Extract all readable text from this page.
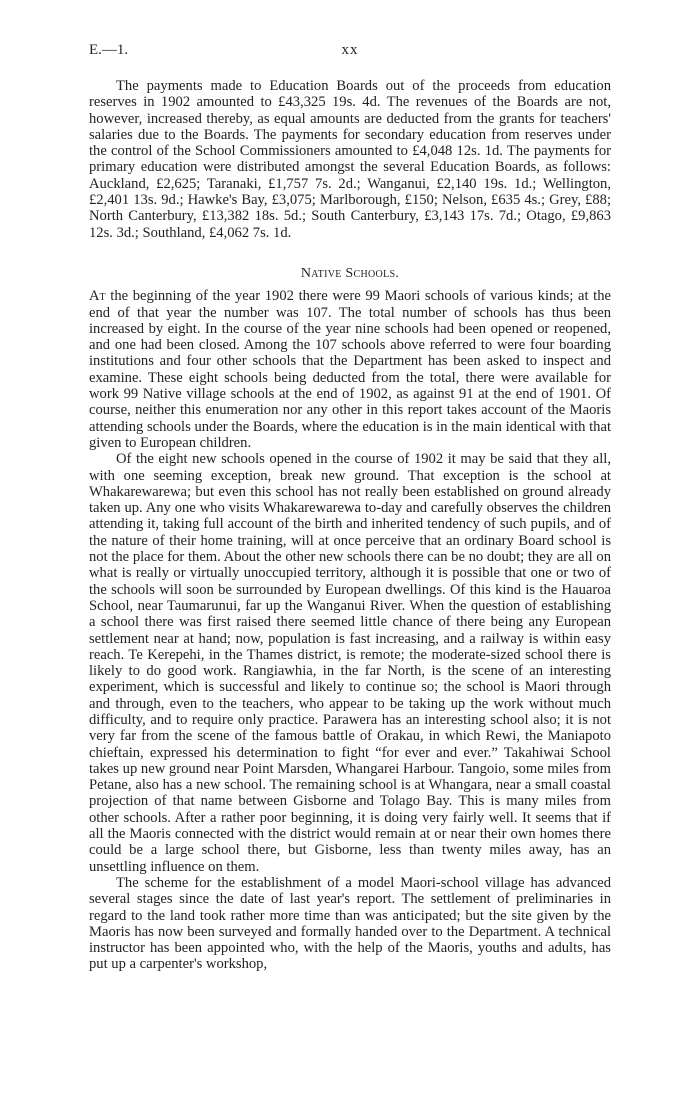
E.—1.	xx

The payments made to Education Boards out of the proceeds from education reserves in 1902 amounted to £43,325 19s. 4d. The revenues of the Boards are not, however, increased thereby, as equal amounts are deducted from the grants for teachers' salaries due to the Boards. The payments for secondary education from reserves under the control of the School Commissioners amounted to £4,048 12s. 1d. The payments for primary education were distributed amongst the several Education Boards, as follows: Auckland, £2,625; Taranaki, £1,757 7s. 2d.; Wanganui, £2,140 19s. 1d.; Wellington, £2,401 13s. 9d.; Hawke's Bay, £3,075; Marlborough, £150; Nelson, £635 4s.; Grey, £88; North Canterbury, £13,382 18s. 5d.; South Canterbury, £3,143 17s. 7d.; Otago, £9,863 12s. 3d.; Southland, £4,062 7s. 1d.

Native Schools.

At the beginning of the year 1902 there were 99 Maori schools of various kinds; at the end of that year the number was 107. The total number of schools has thus been increased by eight. In the course of the year nine schools had been opened or reopened, and one had been closed. Among the 107 schools above referred to were four boarding institutions and four other schools that the Department has been asked to inspect and examine. These eight schools being deducted from the total, there were available for work 99 Native village schools at the end of 1902, as against 91 at the end of 1901. Of course, neither this enumeration nor any other in this report takes account of the Maoris attending schools under the Boards, where the education is in the main identical with that given to European children.

Of the eight new schools opened in the course of 1902 it may be said that they all, with one seeming exception, break new ground. That exception is the school at Whakarewarewa; but even this school has not really been established on ground already taken up. Any one who visits Whakarewarewa to-day and carefully observes the children attending it, taking full account of the birth and inherited tendency of such pupils, and of the nature of their home training, will at once perceive that an ordinary Board school is not the place for them. About the other new schools there can be no doubt; they are all on what is really or virtually unoccupied territory, although it is possible that one or two of the schools will soon be surrounded by European dwellings. Of this kind is the Hauaroa School, near Taumarunui, far up the Wanganui River. When the question of establishing a school there was first raised there seemed little chance of there being any European settlement near at hand; now, population is fast increasing, and a railway is within easy reach. Te Kerepehi, in the Thames district, is remote; the moderate-sized school there is likely to do good work. Rangiawhia, in the far North, is the scene of an interesting experiment, which is successful and likely to continue so; the school is Maori through and through, even to the teachers, who appear to be taking up the work without much difficulty, and to require only practice. Parawera has an interesting school also; it is not very far from the scene of the famous battle of Orakau, in which Rewi, the Maniapoto chieftain, expressed his determination to fight “for ever and ever.” Takahiwai School takes up new ground near Point Marsden, Whangarei Harbour. Tangoio, some miles from Petane, also has a new school. The remaining school is at Whangara, near a small coastal projection of that name between Gisborne and Tolago Bay. This is many miles from other schools. After a rather poor beginning, it is doing very fairly well. It seems that if all the Maoris connected with the district would remain at or near their own homes there could be a large school there, but Gisborne, less than twenty miles away, has an unsettling influence on them.

The scheme for the establishment of a model Maori-school village has advanced several stages since the date of last year's report. The settlement of preliminaries in regard to the land took rather more time than was anticipated; but the site given by the Maoris has now been surveyed and formally handed over to the Department. A technical instructor has been appointed who, with the help of the Maoris, youths and adults, has put up a carpenter's workshop,
